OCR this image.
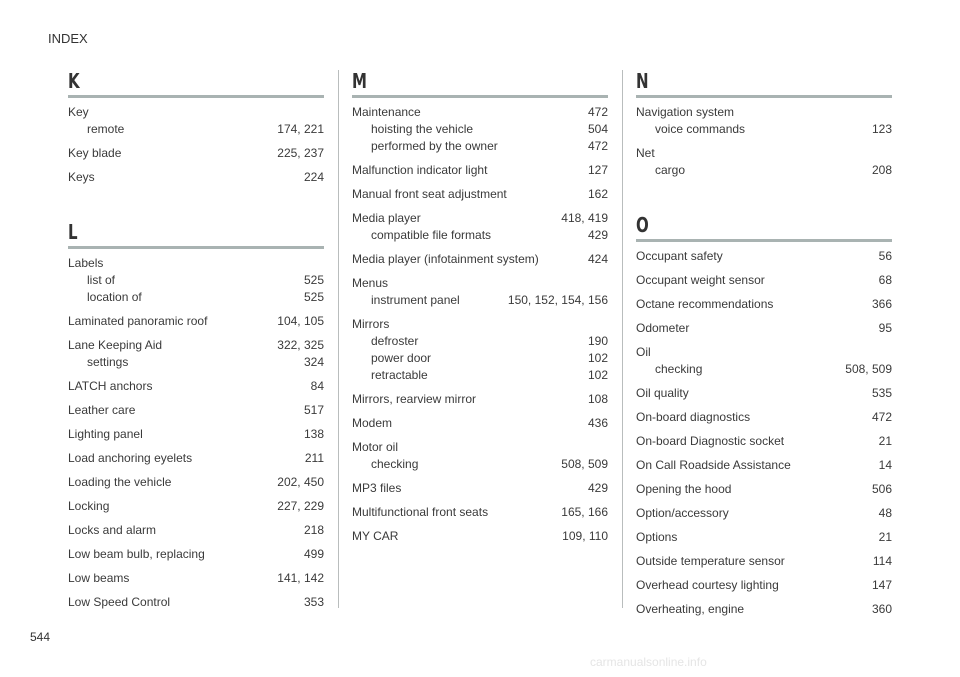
INDEX
K
Key
remote	174, 221
Key blade	225, 237
Keys	224
L
Labels
list of	525
location of	525
Laminated panoramic roof	104, 105
Lane Keeping Aid	322, 325
settings	324
LATCH anchors	84
Leather care	517
Lighting panel	138
Load anchoring eyelets	211
Loading the vehicle	202, 450
Locking	227, 229
Locks and alarm	218
Low beam bulb, replacing	499
Low beams	141, 142
Low Speed Control	353
M
Maintenance	472
hoisting the vehicle	504
performed by the owner	472
Malfunction indicator light	127
Manual front seat adjustment	162
Media player	418, 419
compatible file formats	429
Media player (infotainment system)	424
Menus
instrument panel	150, 152, 154, 156
Mirrors
defroster	190
power door	102
retractable	102
Mirrors, rearview mirror	108
Modem	436
Motor oil
checking	508, 509
MP3 files	429
Multifunctional front seats	165, 166
MY CAR	109, 110
N
Navigation system
voice commands	123
Net
cargo	208
O
Occupant safety	56
Occupant weight sensor	68
Octane recommendations	366
Odometer	95
Oil
checking	508, 509
Oil quality	535
On-board diagnostics	472
On-board Diagnostic socket	21
On Call Roadside Assistance	14
Opening the hood	506
Option/accessory	48
Options	21
Outside temperature sensor	114
Overhead courtesy lighting	147
Overheating, engine	360
544
carmanualsonline.info
